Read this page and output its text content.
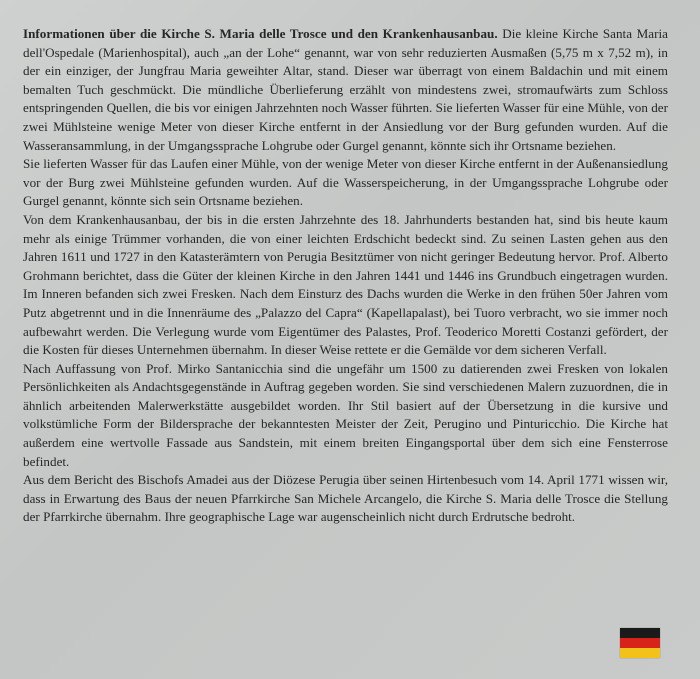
Informationen über die Kirche S. Maria delle Trosce und den Krankenhausanbau. Die kleine Kirche Santa Maria dell'Ospedale (Marienhospital), auch „an der Lohe“ genannt, war von sehr reduzierten Ausmaßen (5,75 m x 7,52 m), in der ein einziger, der Jungfrau Maria geweihter Altar, stand. Dieser war überragt von einem Baldachin und mit einem bemalten Tuch geschmückt. Die mündliche Überlieferung erzählt von mindestens zwei, stromaufwärts zum Schloss entspringenden Quellen, die bis vor einigen Jahrzehnten noch Wasser führten. Sie lieferten Wasser für eine Mühle, von der zwei Mühlsteine wenige Meter von dieser Kirche entfernt in der Ansiedlung vor der Burg gefunden wurden. Auf die Wasseransammlung, in der Umgangssprache Lohgrube oder Gurgel genannt, könnte sich ihr Ortsname beziehen.

Sie lieferten Wasser für das Laufen einer Mühle, von der wenige Meter von dieser Kirche entfernt in der Außenansiedlung vor der Burg zwei Mühlsteine gefunden wurden. Auf die Wasserspeicherung, in der Umgangssprache Lohgrube oder Gurgel genannt, könnte sich sein Ortsname beziehen.

Von dem Krankenhausanbau, der bis in die ersten Jahrzehnte des 18. Jahrhunderts bestanden hat, sind bis heute kaum mehr als einige Trümmer vorhanden, die von einer leichten Erdschicht bedeckt sind. Zu seinen Lasten gehen aus den Jahren 1611 und 1727 in den Katasterämtern von Perugia Besitztümer von nicht geringer Bedeutung hervor. Prof. Alberto Grohmann berichtet, dass die Güter der kleinen Kirche in den Jahren 1441 und 1446 ins Grundbuch eingetragen wurden. Im Inneren befanden sich zwei Fresken. Nach dem Einsturz des Dachs wurden die Werke in den frühen 50er Jahren vom Putz abgetrennt und in die Innenräume des „Palazzo del Capra“ (Kapellapalast), bei Tuoro verbracht, wo sie immer noch aufbewahrt werden. Die Verlegung wurde vom Eigentümer des Palastes, Prof. Teoderico Moretti Costanzi gefördert, der die Kosten für dieses Unternehmen übernahm. In dieser Weise rettete er die Gemälde vor dem sicheren Verfall.

Nach Auffassung von Prof. Mirko Santanicchia sind die ungefähr um 1500 zu datierenden zwei Fresken von lokalen Persönlichkeiten als Andachtsgegenstände in Auftrag gegeben worden. Sie sind verschiedenen Malern zuzuordnen, die in ähnlich arbeitenden Malerwerkstätte ausgebildet worden. Ihr Stil basiert auf der Übersetzung in die kursive und volkstümliche Form der Bildersprache der bekanntesten Meister der Zeit, Perugino und Pinturicchio. Die Kirche hat außerdem eine wertvolle Fassade aus Sandstein, mit einem breiten Eingangsportal über dem sich eine Fensterrose befindet.

Aus dem Bericht des Bischofs Amadei aus der Diözese Perugia über seinen Hirtenbesuch vom 14. April 1771 wissen wir, dass in Erwartung des Baus der neuen Pfarrkirche San Michele Arcangelo, die Kirche S. Maria delle Trosce die Stellung der Pfarrkirche übernahm. Ihre geographische Lage war augenscheinlich nicht durch Erdrutsche bedroht.
